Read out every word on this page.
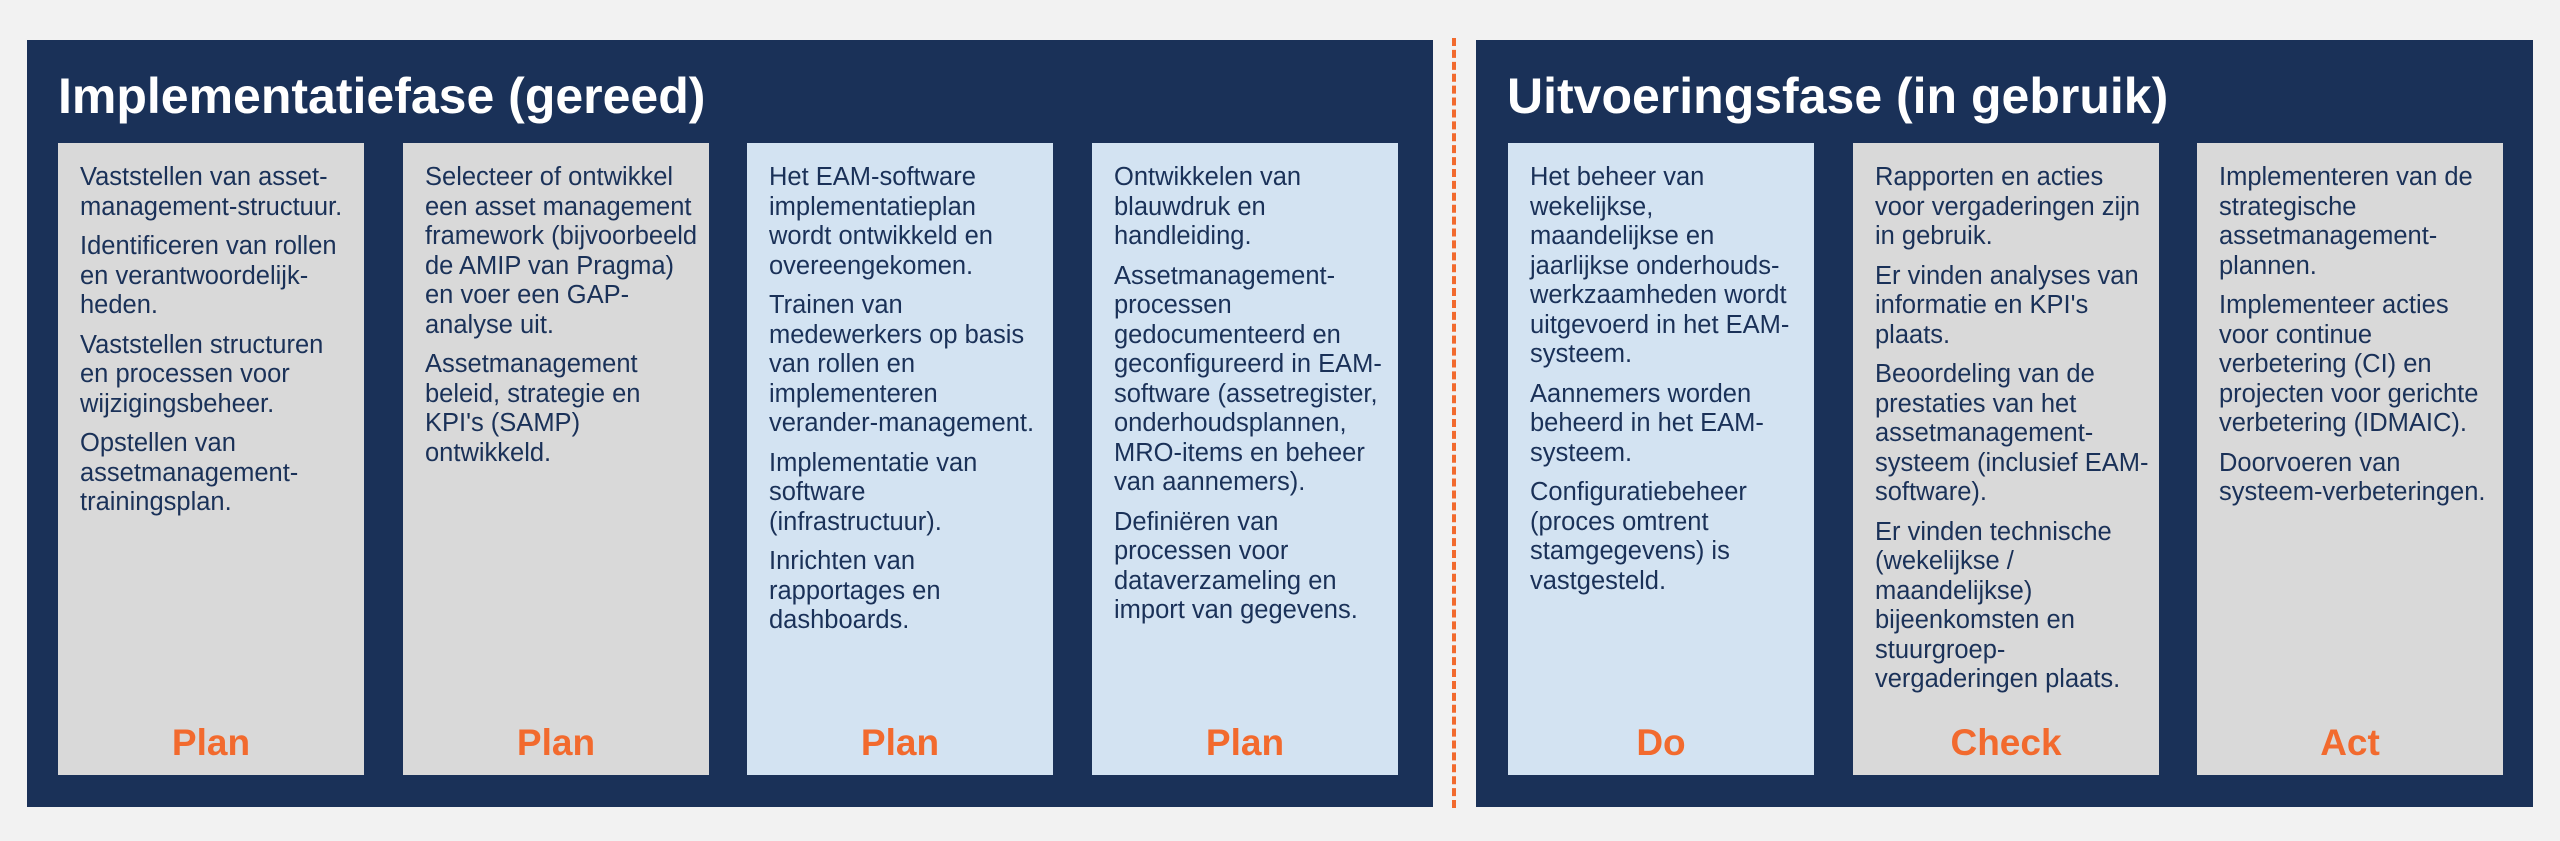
Implementatiefase (gereed)
Vaststellen van asset-management-structuur.
Identificeren van rollen en verantwoordelijk-heden.
Vaststellen structuren en processen voor wijzigingsbeheer.
Opstellen van assetmanagement-trainingsplan.
Plan
Selecteer of ontwikkel een asset management framework (bijvoorbeeld de AMIP van Pragma) en voer een GAP-analyse uit.
Assetmanagement beleid, strategie en KPI's (SAMP) ontwikkeld.
Plan
Het EAM-software implementatieplan wordt ontwikkeld en overeengekomen.
Trainen van medewerkers op basis van rollen en implementeren verander-management.
Implementatie van software (infrastructuur).
Inrichten van rapportages en dashboards.
Plan
Ontwikkelen van blauwdruk en handleiding.
Assetmanagement-processen gedocumenteerd en geconfigureerd in EAM-software (assetregister, onderhoudsplannen, MRO-items en beheer van aannemers).
Definiëren van processen voor dataverzameling en import van gegevens.
Plan
Uitvoeringsfase (in gebruik)
Het beheer van wekelijkse, maandelijkse en jaarlijkse onderhouds-werkzaamheden wordt uitgevoerd in het EAM-systeem.
Aannemers worden beheerd in het EAM-systeem.
Configuratiebeheer (proces omtrent stamgegevens) is vastgesteld.
Do
Rapporten en acties voor vergaderingen zijn in gebruik.
Er vinden analyses van informatie en KPI's plaats.
Beoordeling van de prestaties van het assetmanagement-systeem (inclusief EAM-software).
Er vinden technische (wekelijkse / maandelijkse) bijeenkomsten en stuurgroep-vergaderingen plaats.
Check
Implementeren van de strategische assetmanagement-plannen.
Implementeer acties voor continue verbetering (CI) en projecten voor gerichte verbetering (IDMAIC).
Doorvoeren van systeem-verbeteringen.
Act
